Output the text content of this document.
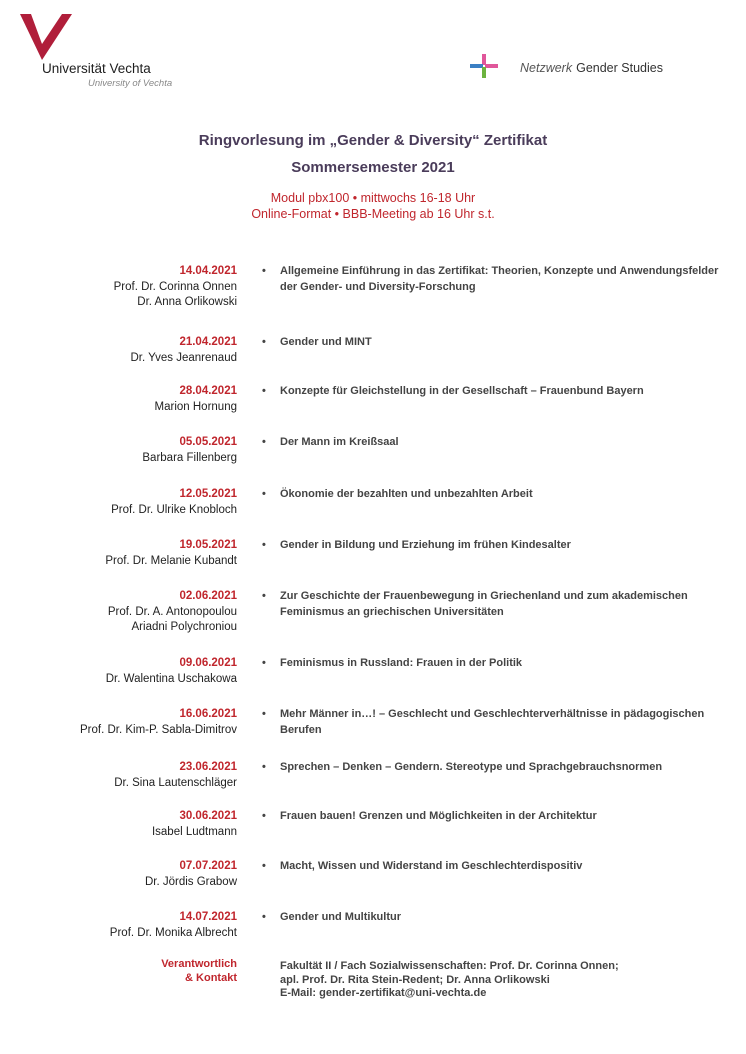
Universität Vechta
University of Vechta
Netzwerk Gender Studies
Ringvorlesung im „Gender & Diversity“ Zertifikat
Sommersemester 2021
Modul pbx100 • mittwochs 16-18 Uhr
Online-Format • BBB-Meeting ab 16 Uhr s.t.
14.04.2021
Prof. Dr. Corinna Onnen
Dr. Anna Orlikowski
• Allgemeine Einführung in das Zertifikat: Theorien, Konzepte und Anwendungsfelder der Gender- und Diversity-Forschung
21.04.2021
Dr. Yves Jeanrenaud
• Gender und MINT
28.04.2021
Marion Hornung
• Konzepte für Gleichstellung in der Gesellschaft – Frauenbund Bayern
05.05.2021
Barbara Fillenberg
• Der Mann im Kreißsaal
12.05.2021
Prof. Dr. Ulrike Knobloch
• Ökonomie der bezahlten und unbezahlten Arbeit
19.05.2021
Prof. Dr. Melanie Kubandt
• Gender in Bildung und Erziehung im frühen Kindesalter
02.06.2021
Prof. Dr. A. Antonopoulou
Ariadni Polychroniou
• Zur Geschichte der Frauenbewegung in Griechenland und zum akademischen Feminismus an griechischen Universitäten
09.06.2021
Dr. Walentina Uschakowa
• Feminismus in Russland: Frauen in der Politik
16.06.2021
Prof. Dr. Kim-P. Sabla-Dimitrov
• Mehr Männer in…! – Geschlecht und Geschlechterverhältnisse in pädagogischen Berufen
23.06.2021
Dr. Sina Lautenschläger
• Sprechen – Denken – Gendern. Stereotype und Sprachgebrauchsnormen
30.06.2021
Isabel Ludtmann
• Frauen bauen! Grenzen und Möglichkeiten in der Architektur
07.07.2021
Dr. Jördis Grabow
• Macht, Wissen und Widerstand im Geschlechterdispositiv
14.07.2021
Prof. Dr. Monika Albrecht
• Gender und Multikultur
Verantwortlich
& Kontakt
Fakultät II / Fach Sozialwissenschaften: Prof. Dr. Corinna Onnen;
apl. Prof. Dr. Rita Stein-Redent; Dr. Anna Orlikowski
E-Mail: gender-zertifikat@uni-vechta.de
